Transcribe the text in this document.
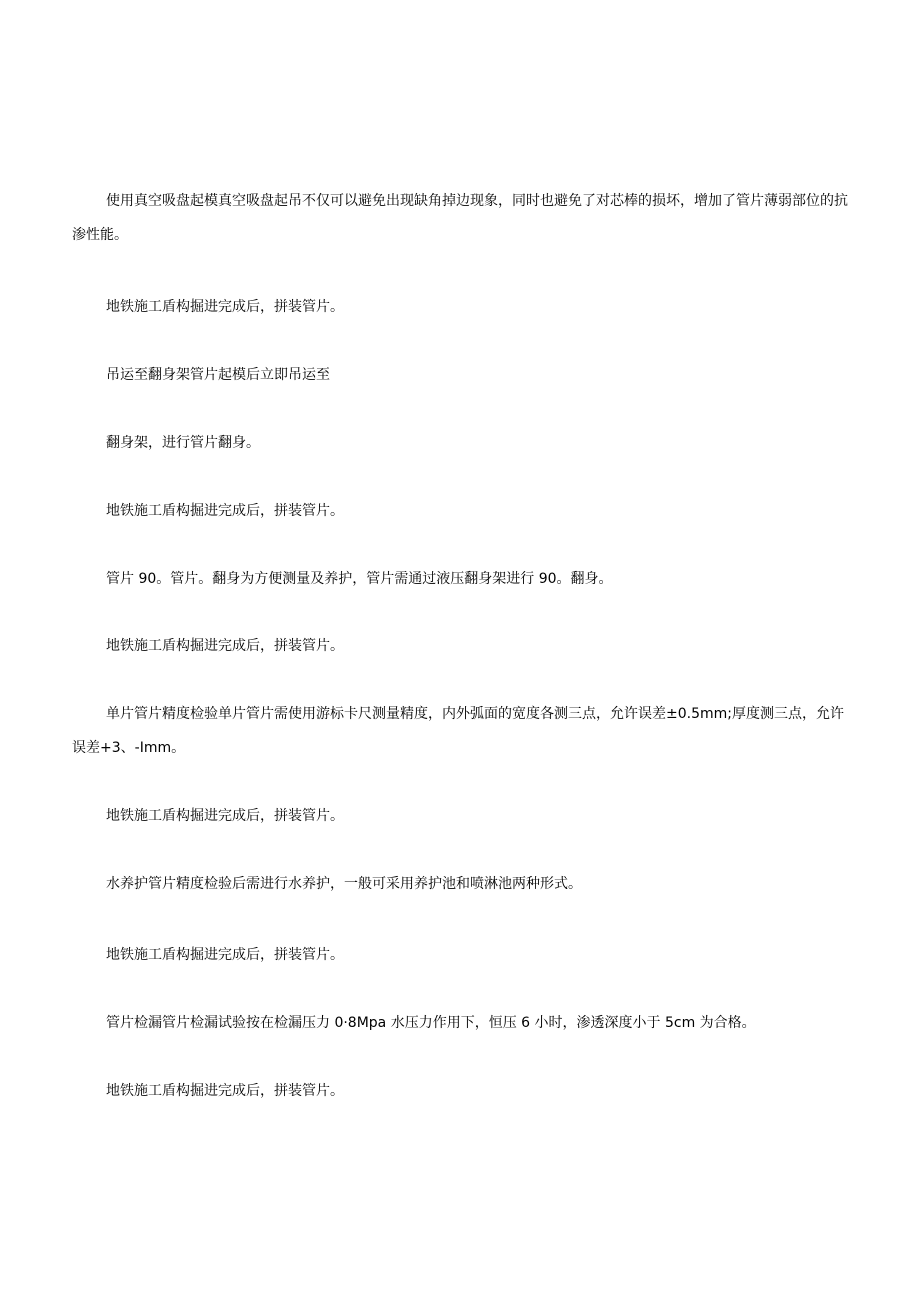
使用真空吸盘起模真空吸盘起吊不仅可以避免出现缺角掉边现象，同时也避免了对芯棒的损坏，增加了管片薄弱部位的抗渗性能。

地铁施工盾构掘进完成后，拼装管片。

吊运至翻身架管片起模后立即吊运至

翻身架，进行管片翻身。

地铁施工盾构掘进完成后，拼装管片。

管片 90。管片。翻身为方便测量及养护，管片需通过液压翻身架进行 90。翻身。

地铁施工盾构掘进完成后，拼装管片。

单片管片精度检验单片管片需使用游标卡尺测量精度，内外弧面的宽度各测三点，允许误差±0.5mm;厚度测三点，允许误差+3、-Imm。

地铁施工盾构掘进完成后，拼装管片。

水养护管片精度检验后需进行水养护，一般可采用养护池和喷淋池两种形式。

地铁施工盾构掘进完成后，拼装管片。

管片检漏管片检漏试验按在检漏压力 0·8Mpa 水压力作用下，恒压 6 小时，渗透深度小于 5cm 为合格。

地铁施工盾构掘进完成后，拼装管片。
